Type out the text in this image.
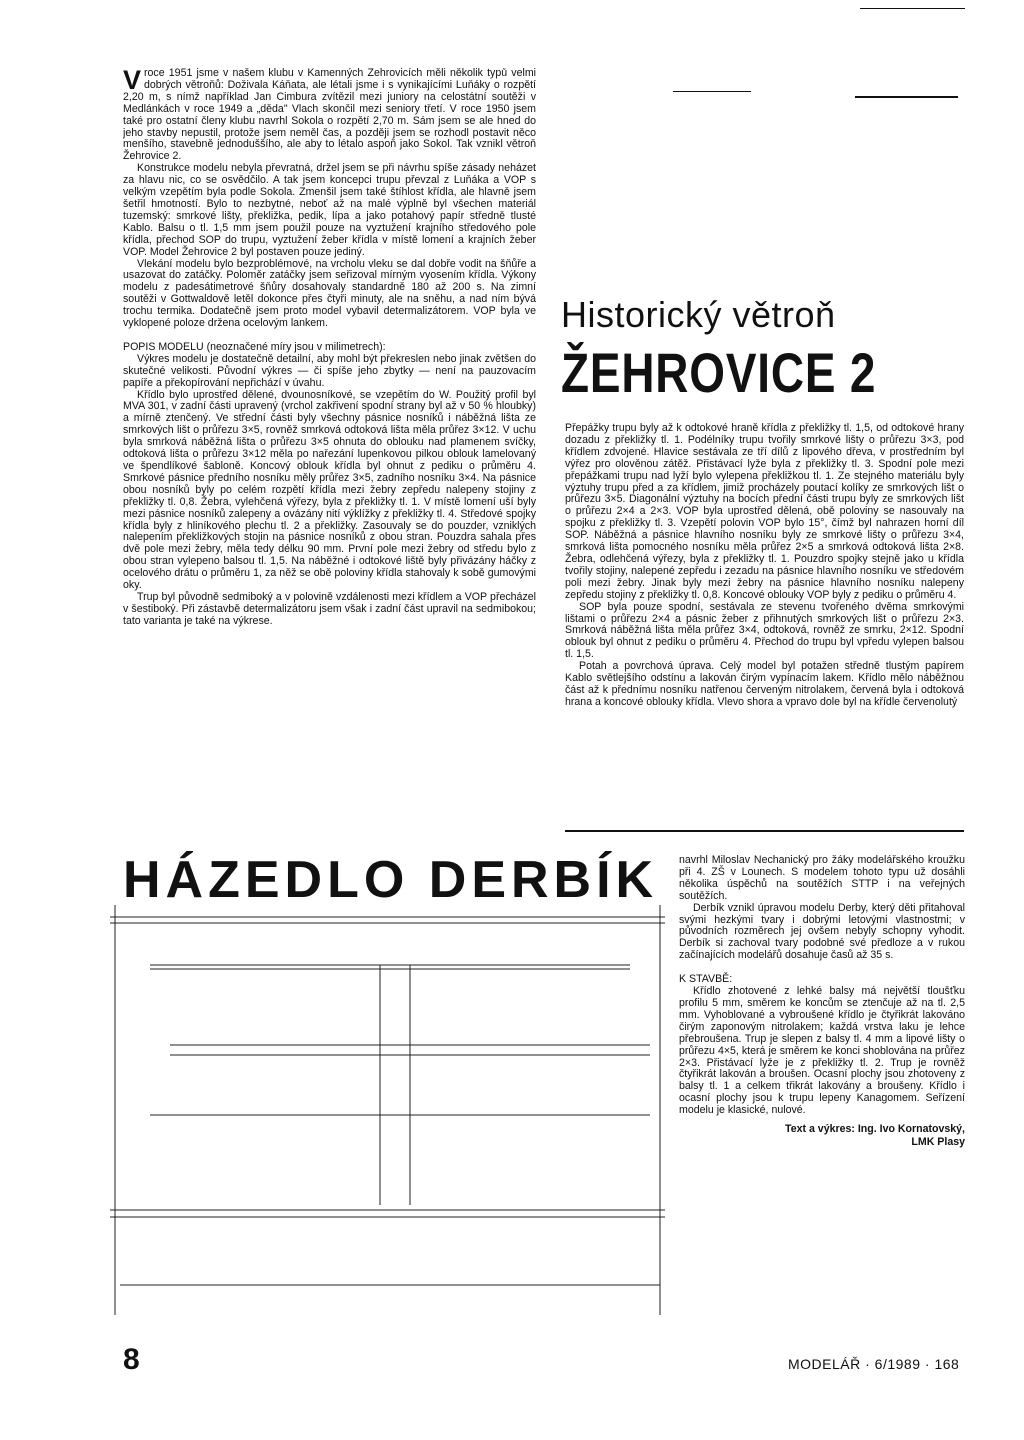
Vroce 1951 jsme v našem klubu v Kamenných Žehrovicích měli několik typů velmi dobrých větroňů: Doživala Káňata, ale létali jsme i s vynikajícími Luňáky o rozpětí 2,20 m, s nímž například Jan Cimbura zvítězil mezi juniory na celostátní soutěži v Medlánkách v roce 1949 a „děda" Vlach skončil mezi seniory třetí. V roce 1950 jsem také pro ostatní členy klubu navrhl Sokola o rozpětí 2,70 m. Sám jsem se ale hned do jeho stavby nepustil, protože jsem neměl čas, a později jsem se rozhodl postavit něco menšího, stavebně jednoduššího, ale aby to létalo aspoň jako Sokol. Tak vznikl větroň Žehrovice 2.

Konstrukce modelu nebyla převratná, držel jsem se při návrhu spíše zásady neházet za hlavu nic, co se osvědčilo. A tak jsem koncepci trupu převzal z Luňáka a VOP s velkým vzepětím byla podle Sokola. Zmenšil jsem také štíhlost křídla, ale hlavně jsem šetřil hmotností. Bylo to nezbytné, neboť až na malé výplně byl všechen materiál tuzemský: smrkové lišty, překližka, pedik, lípa a jako potahový papír středně tlusté Kablo. Balsu o tl. 1,5 mm jsem použil pouze na vyztužení krajního středového pole křídla, přechod SOP do trupu, vyztužení žeber křídla v místě lomení a krajních žeber VOP. Model Žehrovice 2 byl postaven pouze jediný.

Vlekání modelu bylo bezproblémové, na vrcholu vleku se dal dobře vodit na šňůře a usazovat do zatáčky. Poloměr zatáčky jsem seřizoval mírným vyosením křídla. Výkony modelu z padesátimetrové šňůry dosahovaly standardně 180 až 200 s. Na zimní soutěži v Gottwaldově letěl dokonce přes čtyři minuty, ale na sněhu, a nad ním bývá trochu termika. Dodatečně jsem proto model vybavil determalizátorem. VOP byla ve vyklopené poloze držena ocelovým lankem.

POPIS MODELU (neoznačené míry jsou v milimetrech):

Výkres modelu je dostatečně detailní, aby mohl být překreslen nebo jinak zvětšen do skutečné velikosti. Původní výkres — či spíše jeho zbytky — není na pauzovacím papíře a překopírování nepřichází v úvahu.

Křídlo bylo uprostřed dělené, dvounosníkové, se vzepětím do W. Použitý profil byl MVA 301, v zadní části upravený (vrchol zakřivení spodní strany byl až v 50 % hloubky) a mírně ztenčený. Ve střední části byly všechny pásnice nosníků i náběžná lišta ze smrkových lišt o průřezu 3×5, rovněž smrková odtoková lišta měla průřez 3×12. V uchu byla smrková náběžná lišta o průřezu 3×5 ohnuta do oblouku nad plamenem svíčky, odtoková lišta o průřezu 3×12 měla po nařezání lupenkovou pilkou oblouk lamelovaný ve špendlíkové šabloně. Koncový oblouk křídla byl ohnut z pediku o průměru 4. Smrkové pásnice předního nosníku měly průřez 3×5, zadního nosníku 3×4. Na pásnice obou nosníků byly po celém rozpětí křídla mezi žebry zepředu nalepeny stojiny z překližky tl. 0,8. Žebra, vylehčená výřezy, byla z překližky tl. 1. V místě lomení uší byly mezi pásnice nosníků zalepeny a ovázány nití výklížky z překližky tl. 4. Středové spojky křídla byly z hliníkového plechu tl. 2 a překližky. Zasouvaly se do pouzder, vzniklých nalepením překližkových stojin na pásnice nosníků z obou stran. Pouzdra sahala přes dvě pole mezi žebry, měla tedy délku 90 mm. První pole mezi žebry od středu bylo z obou stran vylepeno balsou tl. 1,5. Na náběžné i odtokové liště byly přivázány háčky z ocelového drátu o průměru 1, za něž se obě poloviny křídla stahovaly k sobě gumovými oky.

Trup byl původně sedmiboký a v polovině vzdálenosti mezi křídlem a VOP přecházel v šestiboký. Při zástavbě determalizátoru jsem však i zadní část upravil na sedmibokou; tato varianta je také na výkrese.

Historický větroň
ŽEHROVICE 2

Přepážky trupu byly až k odtokové hraně křídla z překližky tl. 1,5, od odtokové hrany dozadu z překližky tl. 1. Podélníky trupu tvořily smrkové lišty o průřezu 3×3, pod křídlem zdvojené. Hlavice sestávala ze tří dílů z lipového dřeva, v prostředním byl výřez pro olověnou zátěž. Přistávací lyže byla z překližky tl. 3. Spodní pole mezi přepážkami trupu nad lyží bylo vylepena překližkou tl. 1. Ze stejného materiálu byly výztuhy trupu před a za křídlem, jimiž procházely poutací kolíky ze smrkových lišt o průřezu 3×5. Diagonální výztuhy na bocích přední části trupu byly ze smrkových lišt o průřezu 2×4 a 2×3. VOP byla uprostřed dělená, obě poloviny se nasouvaly na spojku z překližky tl. 3. Vzepětí polovin VOP bylo 15°, čímž byl nahrazen horní díl SOP. Náběžná a pásnice hlavního nosníku byly ze smrkové lišty o průřezu 3×4, smrková lišta pomocného nosníku měla průřez 2×5 a smrková odtoková lišta 2×8. Žebra, odlehčená výřezy, byla z překližky tl. 1. Pouzdro spojky stejně jako u křídla tvořily stojiny, nalepené zepředu i zezadu na pásnice hlavního nosníku ve středovém poli mezi žebry. Jinak byly mezi žebry na pásnice hlavního nosníku nalepeny zepředu stojiny z překližky tl. 0,8. Koncové oblouky VOP byly z pediku o průměru 4.

SOP byla pouze spodní, sestávala ze stevenu tvořeného dvěma smrkovými lištami o průřezu 2×4 a pásnic žeber z přihnutých smrkových lišt o průřezu 2×3. Smrková náběžná lišta měla průřez 3×4, odtoková, rovněž ze smrku, 2×12. Spodní oblouk byl ohnut z pediku o průměru 4. Přechod do trupu byl vpředu vylepen balsou tl. 1,5.

Potah a povrchová úprava. Celý model byl potažen středně tlustým papírem Kablo světlejšího odstínu a lakován čirým vypínacím lakem. Křídlo mělo náběžnou část až k přednímu nosníku natřenou červeným nitrolakem, červená byla i odtoková hrana a koncové oblouky křídla. Vlevo shora a vpravo dole byl na křídle červenolutý

HÁZEDLO DERBÍK navrhl Miloslav Nechanický pro žáky modelářského kroužku při 4. ZŠ v Lounech. S modelem tohoto typu už dosáhli několika úspěchů na soutěžích STTP i na veřejných soutěžích.

Derbík vznikl úpravou modelu Derby, který děti přitahoval svými hezkými tvary i dobrými letovými vlastnostmi; v původních rozměrech jej ovšem nebyly schopny vyhodit. Derbík si zachoval tvary podobné své předloze a v rukou začínajících modelářů dosahuje časů až 35 s.

K STAVBĚ:

Křídlo zhotovené z lehké balsy má největší tloušťku profilu 5 mm, směrem ke koncům se ztenčuje až na tl. 2,5 mm. Vyhoblované a vybroušené křídlo je čtyřikrát lakováno čirým zaponovým nitrolakem; každá vrstva laku je lehce přebroušena. Trup je slepen z balsy tl. 4 mm a lipové lišty o průřezu 4×5, která je směrem ke konci shoblována na průřez 2×3. Přistávací lyže je z překližky tl. 2. Trup je rovněž čtyřikrát lakován a broušen. Ocasní plochy jsou zhotoveny z balsy tl. 1 a celkem třikrát lakovány a broušeny. Křídlo i ocasní plochy jsou k trupu lepeny Kanagomem. Seřízení modelu je klasické, nulové.

Text a výkres: Ing. Ivo Kornatovský,
LMK Plasy
8	MODELÁŘ · 6/1989 · 168
